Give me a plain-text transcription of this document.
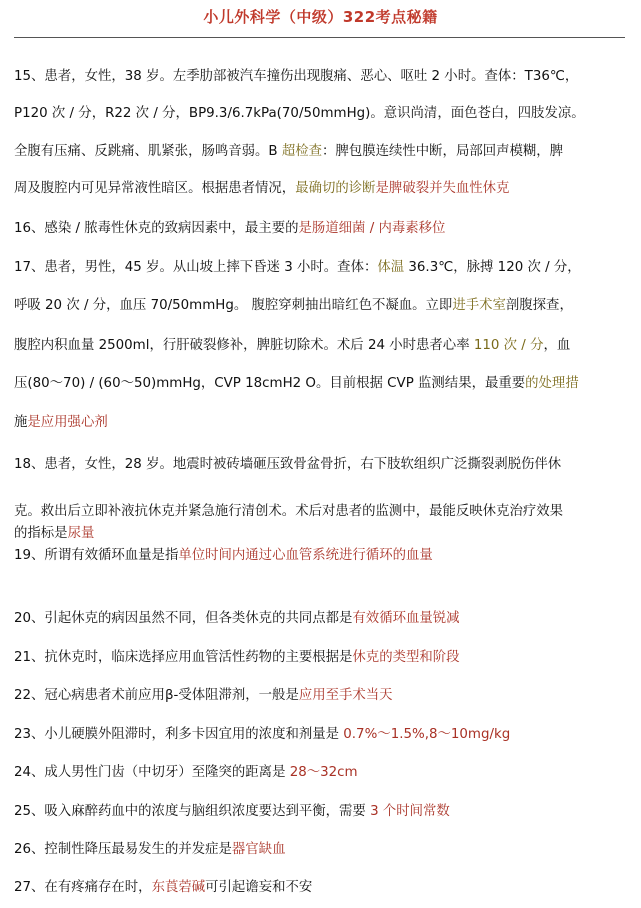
小儿外科学（中级）322考点秘籍
15、患者，女性，38 岁。左季肋部被汽车撞伤出现腹痛、恶心、呕吐 2 小时。查体：T36℃，
P120 次 / 分，R22 次 / 分，BP9.3/6.7kPa(70/50mmHg)。意识尚清，面色苍白，四肢发凉。
全腹有压痛、反跳痛、肌紧张，肠鸣音弱。B 超检查：脾包膜连续性中断，局部回声模糊，脾
周及腹腔内可见异常液性暗区。根据患者情况，最确切的诊断是脾破裂并失血性休克
16、感染 / 脓毒性休克的致病因素中，最主要的是肠道细菌 / 内毒素移位
17、患者，男性，45 岁。从山坡上摔下昏迷 3 小时。查体：体温 36.3℃，脉搏 120 次 / 分，
呼吸 20 次 / 分，血压 70/50mmHg。 腹腔穿刺抽出暗红色不凝血。立即进手术室剖腹探查，
腹腔内积血量 2500ml，行肝破裂修补，脾脏切除术。术后 24 小时患者心率 110 次 / 分，血
压(80～70) / (60～50)mmHg，CVP 18cmH2 O。目前根据 CVP 监测结果，最重要的处理措
施是应用强心剂
18、患者，女性，28 岁。地震时被砖墙砸压致骨盆骨折，右下肢软组织广泛撕裂剥脱伤伴休
克。救出后立即补液抗休克并紧急施行清创术。术后对患者的监测中，最能反映休克治疗效果
的指标是尿量
19、所谓有效循环血量是指单位时间内通过心血管系统进行循环的血量
20、引起休克的病因虽然不同，但各类休克的共同点都是有效循环血量锐减
21、抗休克时，临床选择应用血管活性药物的主要根据是休克的类型和阶段
22、冠心病患者术前应用β-受体阻滞剂，一般是应用至手术当天
23、小儿硬膜外阻滞时，利多卡因宜用的浓度和剂量是 0.7%～1.5%,8～10mg/kg
24、成人男性门齿（中切牙）至隆突的距离是 28～32cm
25、吸入麻醉药血中的浓度与脑组织浓度要达到平衡，需要 3 个时间常数
26、控制性降压最易发生的并发症是器官缺血
27、在有疼痛存在时，东莨菪碱可引起谵妄和不安
